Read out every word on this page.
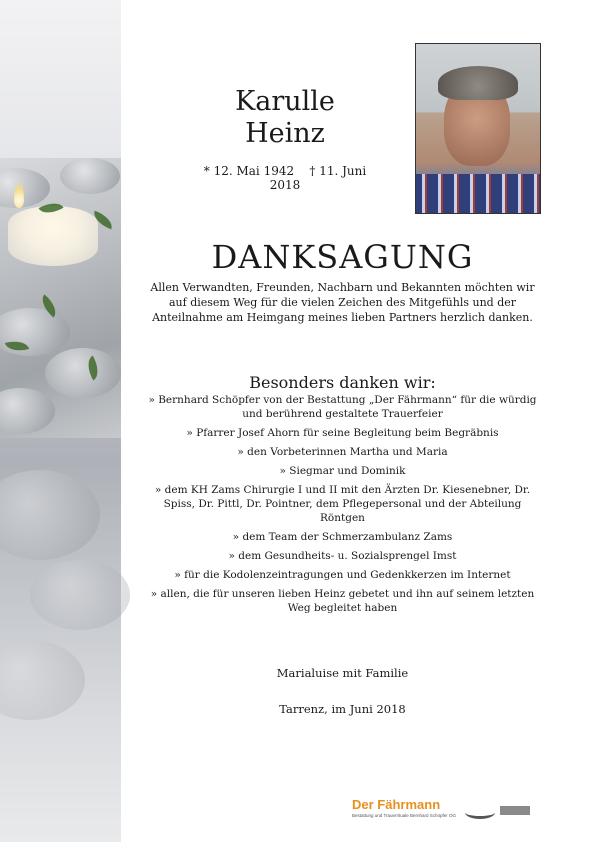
Karulle
Heinz
* 12. Mai 1942 † 11. Juni 2018
DANKSAGUNG
Allen Verwandten, Freunden, Nachbarn und Bekannten möchten wir auf diesem Weg für die vielen Zeichen des Mitgefühls und der Anteilnahme am Heimgang meines lieben Partners herzlich danken.
Besonders danken wir:
» Bernhard Schöpfer von der Bestattung „Der Fährmann“ für die würdig und berührend gestaltete Trauerfeier
» Pfarrer Josef Ahorn für seine Begleitung beim Begräbnis
» den Vorbeterinnen Martha und Maria
» Siegmar und Dominik
» dem KH Zams Chirurgie I und II mit den Ärzten Dr. Kiesenebner, Dr. Spiss, Dr. Pittl, Dr. Pointner, dem Pflegepersonal und der Abteilung Röntgen
» dem Team der Schmerzambulanz Zams
» dem Gesundheits- u. Sozialsprengel Imst
» für die Kodolenzeintragungen und Gedenkkerzen im Internet
» allen, die für unseren lieben Heinz gebetet und ihn auf seinem letzten Weg begleitet haben
Marialuise mit Familie
Tarrenz, im Juni 2018
Der Fährmann
Bestattung und Trauerrituale Bernhard Schöpfer OG
